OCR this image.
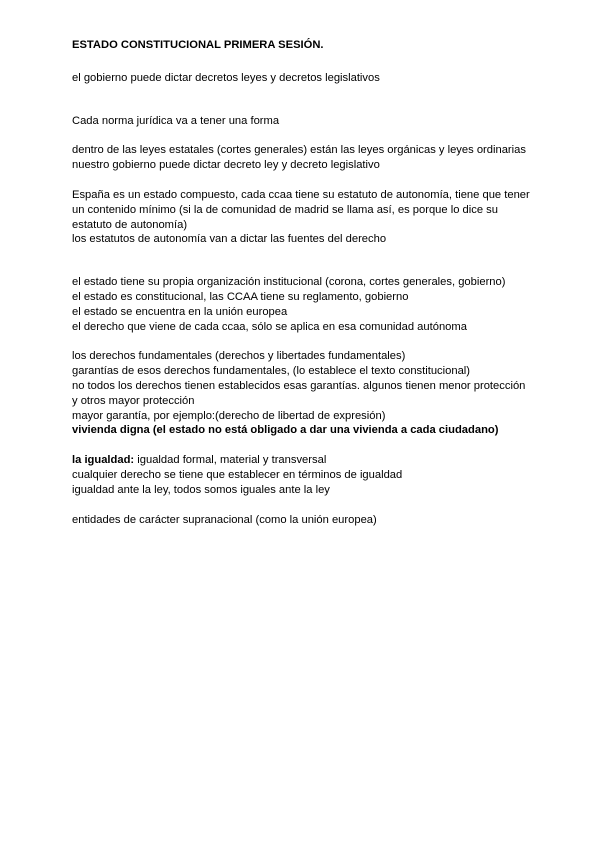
ESTADO CONSTITUCIONAL PRIMERA SESIÓN.

el gobierno puede dictar decretos leyes y decretos legislativos

Cada norma jurídica va a tener una forma

dentro de las leyes estatales (cortes generales) están las leyes orgánicas y leyes ordinarias

nuestro gobierno puede dictar decreto ley y decreto legislativo

España es un estado compuesto, cada ccaa tiene su estatuto de autonomía, tiene que tener

un contenido mínimo (si la de comunidad de madrid se llama así, es porque lo dice su

estatuto de autonomía)

los estatutos de autonomía van a dictar las fuentes del derecho

el estado tiene su propia organización institucional (corona, cortes generales, gobierno)

el estado es constitucional, las CCAA tiene su reglamento, gobierno

el estado se encuentra en la unión europea

el derecho que viene de cada ccaa, sólo se aplica en esa comunidad autónoma

los derechos fundamentales (derechos y libertades fundamentales)

garantías de esos derechos fundamentales, (lo establece el texto constitucional)

no todos los derechos tienen establecidos esas garantías. algunos tienen menor protección

y otros mayor protección

mayor garantía, por ejemplo:(derecho de libertad de expresión)

vivienda digna (el estado no está obligado a dar una vivienda a cada ciudadano)

la igualdad: igualdad formal, material y transversal

cualquier derecho se tiene que establecer en términos de igualdad

igualdad ante la ley, todos somos iguales ante la ley

entidades de carácter supranacional (como la unión europea)
